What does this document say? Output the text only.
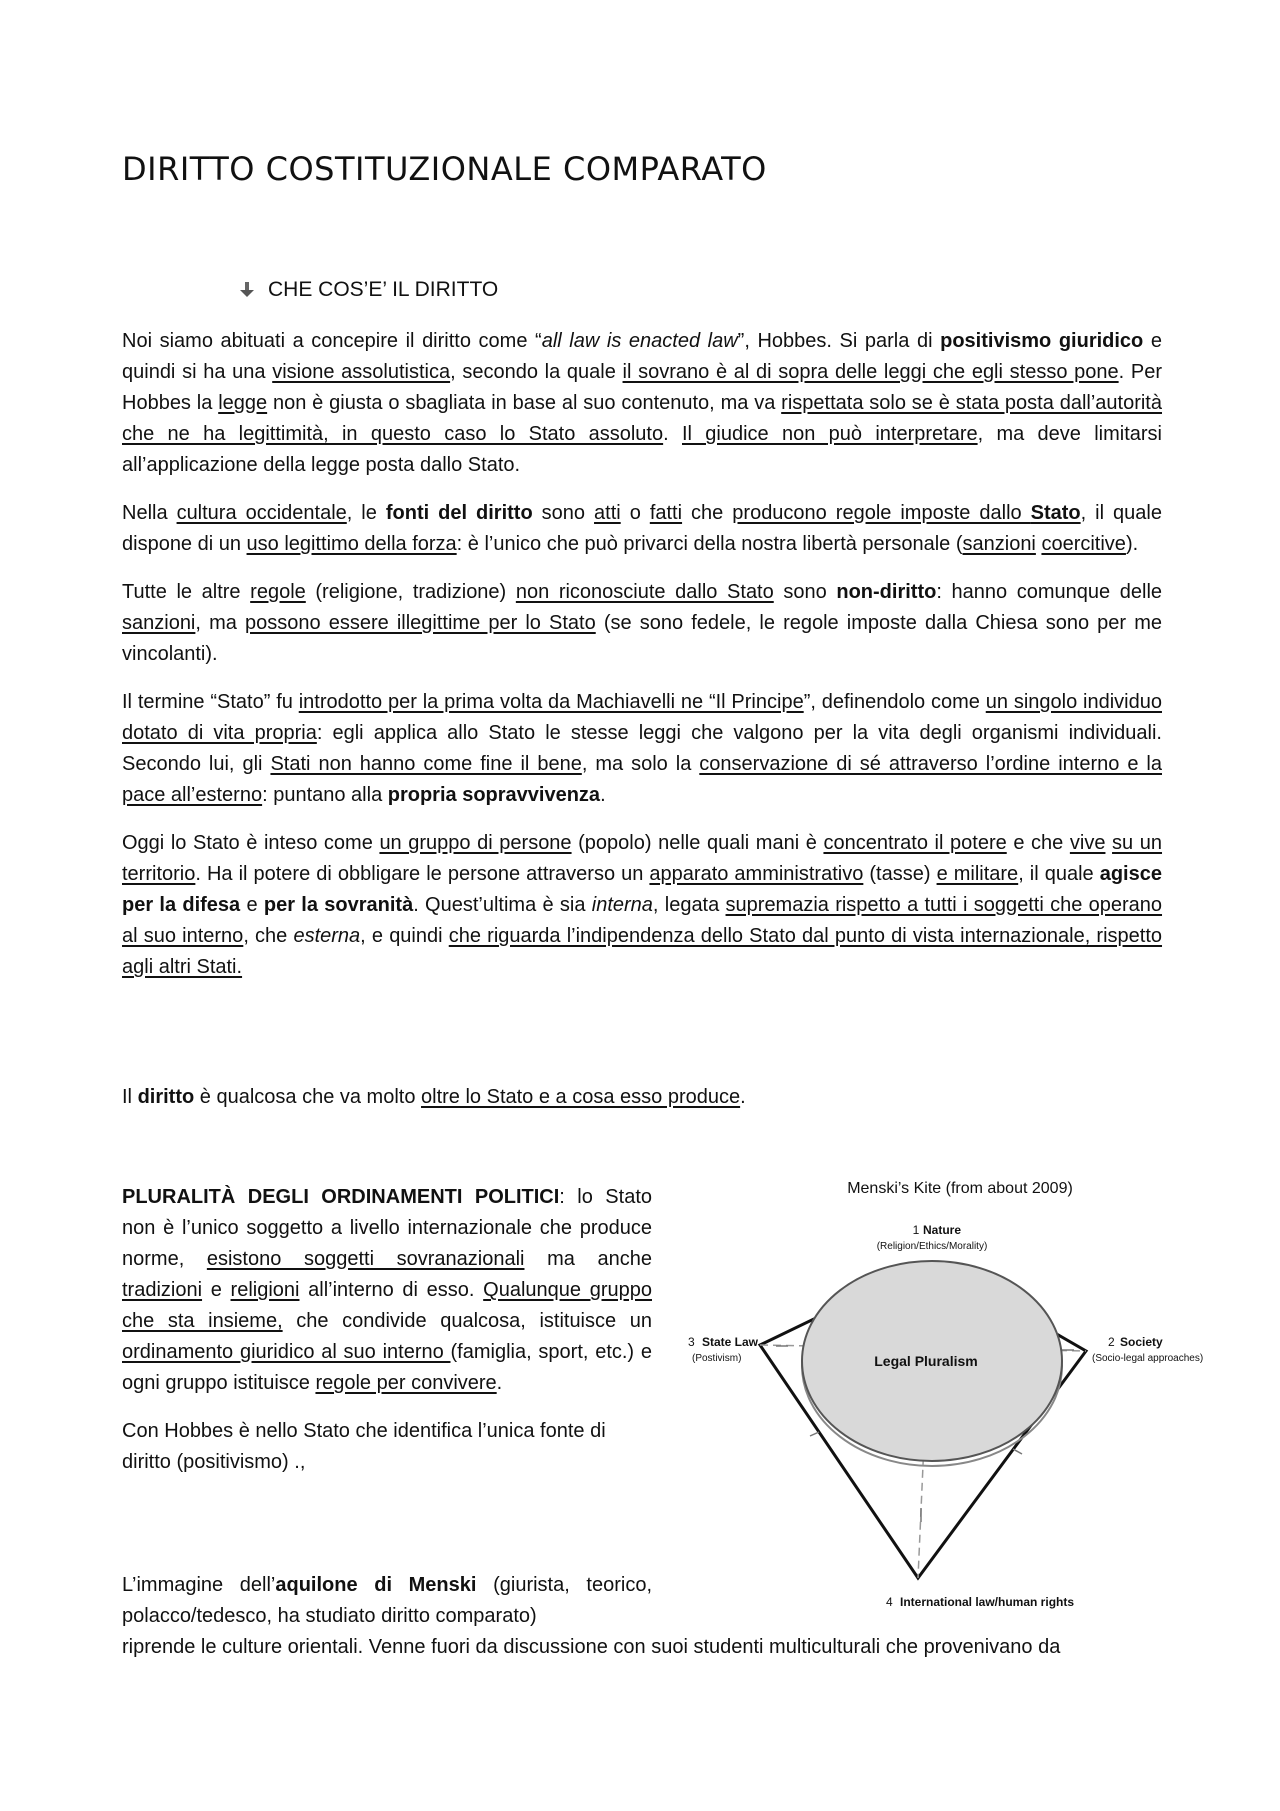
DIRITTO COSTITUZIONALE COMPARATO
CHE COS’E’ IL DIRITTO

Noi siamo abituati a concepire il diritto come “all law is enacted law”, Hobbes. Si parla di positivismo giuridico e quindi si ha una visione assolutistica, secondo la quale il sovrano è al di sopra delle leggi che egli stesso pone. Per Hobbes la legge non è giusta o sbagliata in base al suo contenuto, ma va rispettata solo se è stata posta dall’autorità che ne ha legittimità, in questo caso lo Stato assoluto. Il giudice non può interpretare, ma deve limitarsi all’applicazione della legge posta dallo Stato.

Nella cultura occidentale, le fonti del diritto sono atti o fatti che producono regole imposte dallo Stato, il quale dispone di un uso legittimo della forza: è l’unico che può privarci della nostra libertà personale (sanzioni coercitive).

Tutte le altre regole (religione, tradizione) non riconosciute dallo Stato sono non-diritto: hanno comunque delle sanzioni, ma possono essere illegittime per lo Stato (se sono fedele, le regole imposte dalla Chiesa sono per me vincolanti).

Il termine “Stato” fu introdotto per la prima volta da Machiavelli ne “Il Principe”, definendolo come un singolo individuo dotato di vita propria: egli applica allo Stato le stesse leggi che valgono per la vita degli organismi individuali. Secondo lui, gli Stati non hanno come fine il bene, ma solo la conservazione di sé attraverso l’ordine interno e la pace all’esterno: puntano alla propria sopravvivenza.

Oggi lo Stato è inteso come un gruppo di persone (popolo) nelle quali mani è concentrato il potere e che vive su un territorio. Ha il potere di obbligare le persone attraverso un apparato amministrativo (tasse) e militare, il quale agisce per la difesa e per la sovranità. Quest’ultima è sia interna, legata supremazia rispetto a tutti i soggetti che operano al suo interno, che esterna, e quindi che riguarda l’indipendenza dello Stato dal punto di vista internazionale, rispetto agli altri Stati.

Il diritto è qualcosa che va molto oltre lo Stato e a cosa esso produce.

PLURALITÀ DEGLI ORDINAMENTI POLITICI: lo Stato non è l’unico soggetto a livello internazionale che produce norme, esistono soggetti sovranazionali ma anche tradizioni e religioni all’interno di esso. Qualunque gruppo che sta insieme, che condivide qualcosa, istituisce un ordinamento giuridico al suo interno (famiglia, sport, etc.) e ogni gruppo istituisce regole per convivere.

Con Hobbes è nello Stato che identifica l’unica fonte di diritto (positivismo) .,

L’immagine dell’aquilone di Menski (giurista, teorico, polacco/tedesco, ha studiato diritto comparato)

riprende le culture orientali. Venne fuori da discussione con suoi studenti multiculturali che provenivano da
Menski’s Kite (from about 2009)
Legal Pluralism
1 Nature
(Religion/Ethics/Morality)
2 Society
(Socio-legal approaches)
3 State Law
(Postivism)
4 International law/human rights
